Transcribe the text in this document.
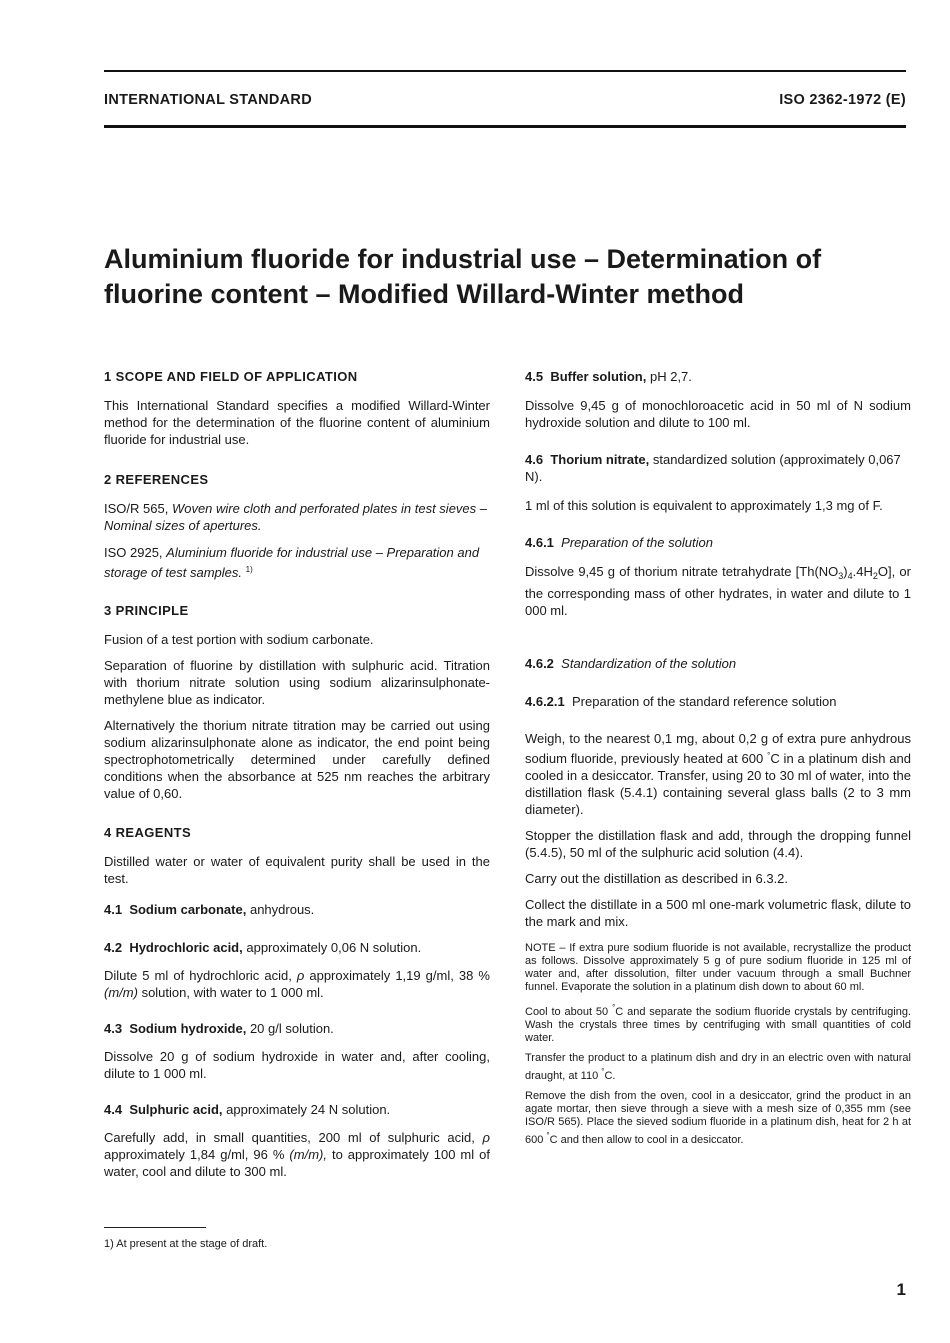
INTERNATIONAL STANDARD	ISO 2362-1972 (E)
Aluminium fluoride for industrial use – Determination of fluorine content – Modified Willard-Winter method

1 SCOPE AND FIELD OF APPLICATION

This International Standard specifies a modified Willard-Winter method for the determination of the fluorine content of aluminium fluoride for industrial use.

2 REFERENCES

ISO/R 565, Woven wire cloth and perforated plates in test sieves – Nominal sizes of apertures.

ISO 2925, Aluminium fluoride for industrial use – Preparation and storage of test samples. $^{1)}$

3 PRINCIPLE

Fusion of a test portion with sodium carbonate.

Separation of fluorine by distillation with sulphuric acid. Titration with thorium nitrate solution using sodium alizarinsulphonate-methylene blue as indicator.

Alternatively the thorium nitrate titration may be carried out using sodium alizarinsulphonate alone as indicator, the end point being spectrophotometrically determined under carefully defined conditions when the absorbance at 525 nm reaches the arbitrary value of 0,60.

4 REAGENTS

Distilled water or water of equivalent purity shall be used in the test.

4.1 Sodium carbonate, anhydrous.

4.2 Hydrochloric acid, approximately 0,06 N solution.

Dilute 5 ml of hydrochloric acid, ρ approximately 1,19 g/ml, 38 % (m/m) solution, with water to 1 000 ml.

4.3 Sodium hydroxide, 20 g/l solution.

Dissolve 20 g of sodium hydroxide in water and, after cooling, dilute to 1 000 ml.

4.4 Sulphuric acid, approximately 24 N solution.

Carefully add, in small quantities, 200 ml of sulphuric acid, ρ approximately 1,84 g/ml, 96 % (m/m), to approximately 100 ml of water, cool and dilute to 300 ml.

4.5 Buffer solution, pH 2,7.

Dissolve 9,45 g of monochloroacetic acid in 50 ml of N sodium hydroxide solution and dilute to 100 ml.

4.6 Thorium nitrate, standardized solution (approximately 0,067 N).

1 ml of this solution is equivalent to approximately 1,3 mg of F.

4.6.1 Preparation of the solution

Dissolve 9,45 g of thorium nitrate tetrahydrate $[Th(NO_3)_4.4H_2O]$, or the corresponding mass of other hydrates, in water and dilute to 1 000 ml.

4.6.2 Standardization of the solution

4.6.2.1 Preparation of the standard reference solution

Weigh, to the nearest 0,1 mg, about 0,2 g of extra pure anhydrous sodium fluoride, previously heated at 600 °C in a platinum dish and cooled in a desiccator. Transfer, using 20 to 30 ml of water, into the distillation flask (5.4.1) containing several glass balls (2 to 3 mm diameter).

Stopper the distillation flask and add, through the dropping funnel (5.4.5), 50 ml of the sulphuric acid solution (4.4).

Carry out the distillation as described in 6.3.2.

Collect the distillate in a 500 ml one-mark volumetric flask, dilute to the mark and mix.

NOTE – If extra pure sodium fluoride is not available, recrystallize the product as follows. Dissolve approximately 5 g of pure sodium fluoride in 125 ml of water and, after dissolution, filter under vacuum through a small Buchner funnel. Evaporate the solution in a platinum dish down to about 60 ml.

Cool to about 50 °C and separate the sodium fluoride crystals by centrifuging. Wash the crystals three times by centrifuging with small quantities of cold water.

Transfer the product to a platinum dish and dry in an electric oven with natural draught, at 110 °C.

Remove the dish from the oven, cool in a desiccator, grind the product in an agate mortar, then sieve through a sieve with a mesh size of 0,355 mm (see ISO/R 565). Place the sieved sodium fluoride in a platinum dish, heat for 2 h at 600 °C and then allow to cool in a desiccator.

1) At present at the stage of draft.
1
